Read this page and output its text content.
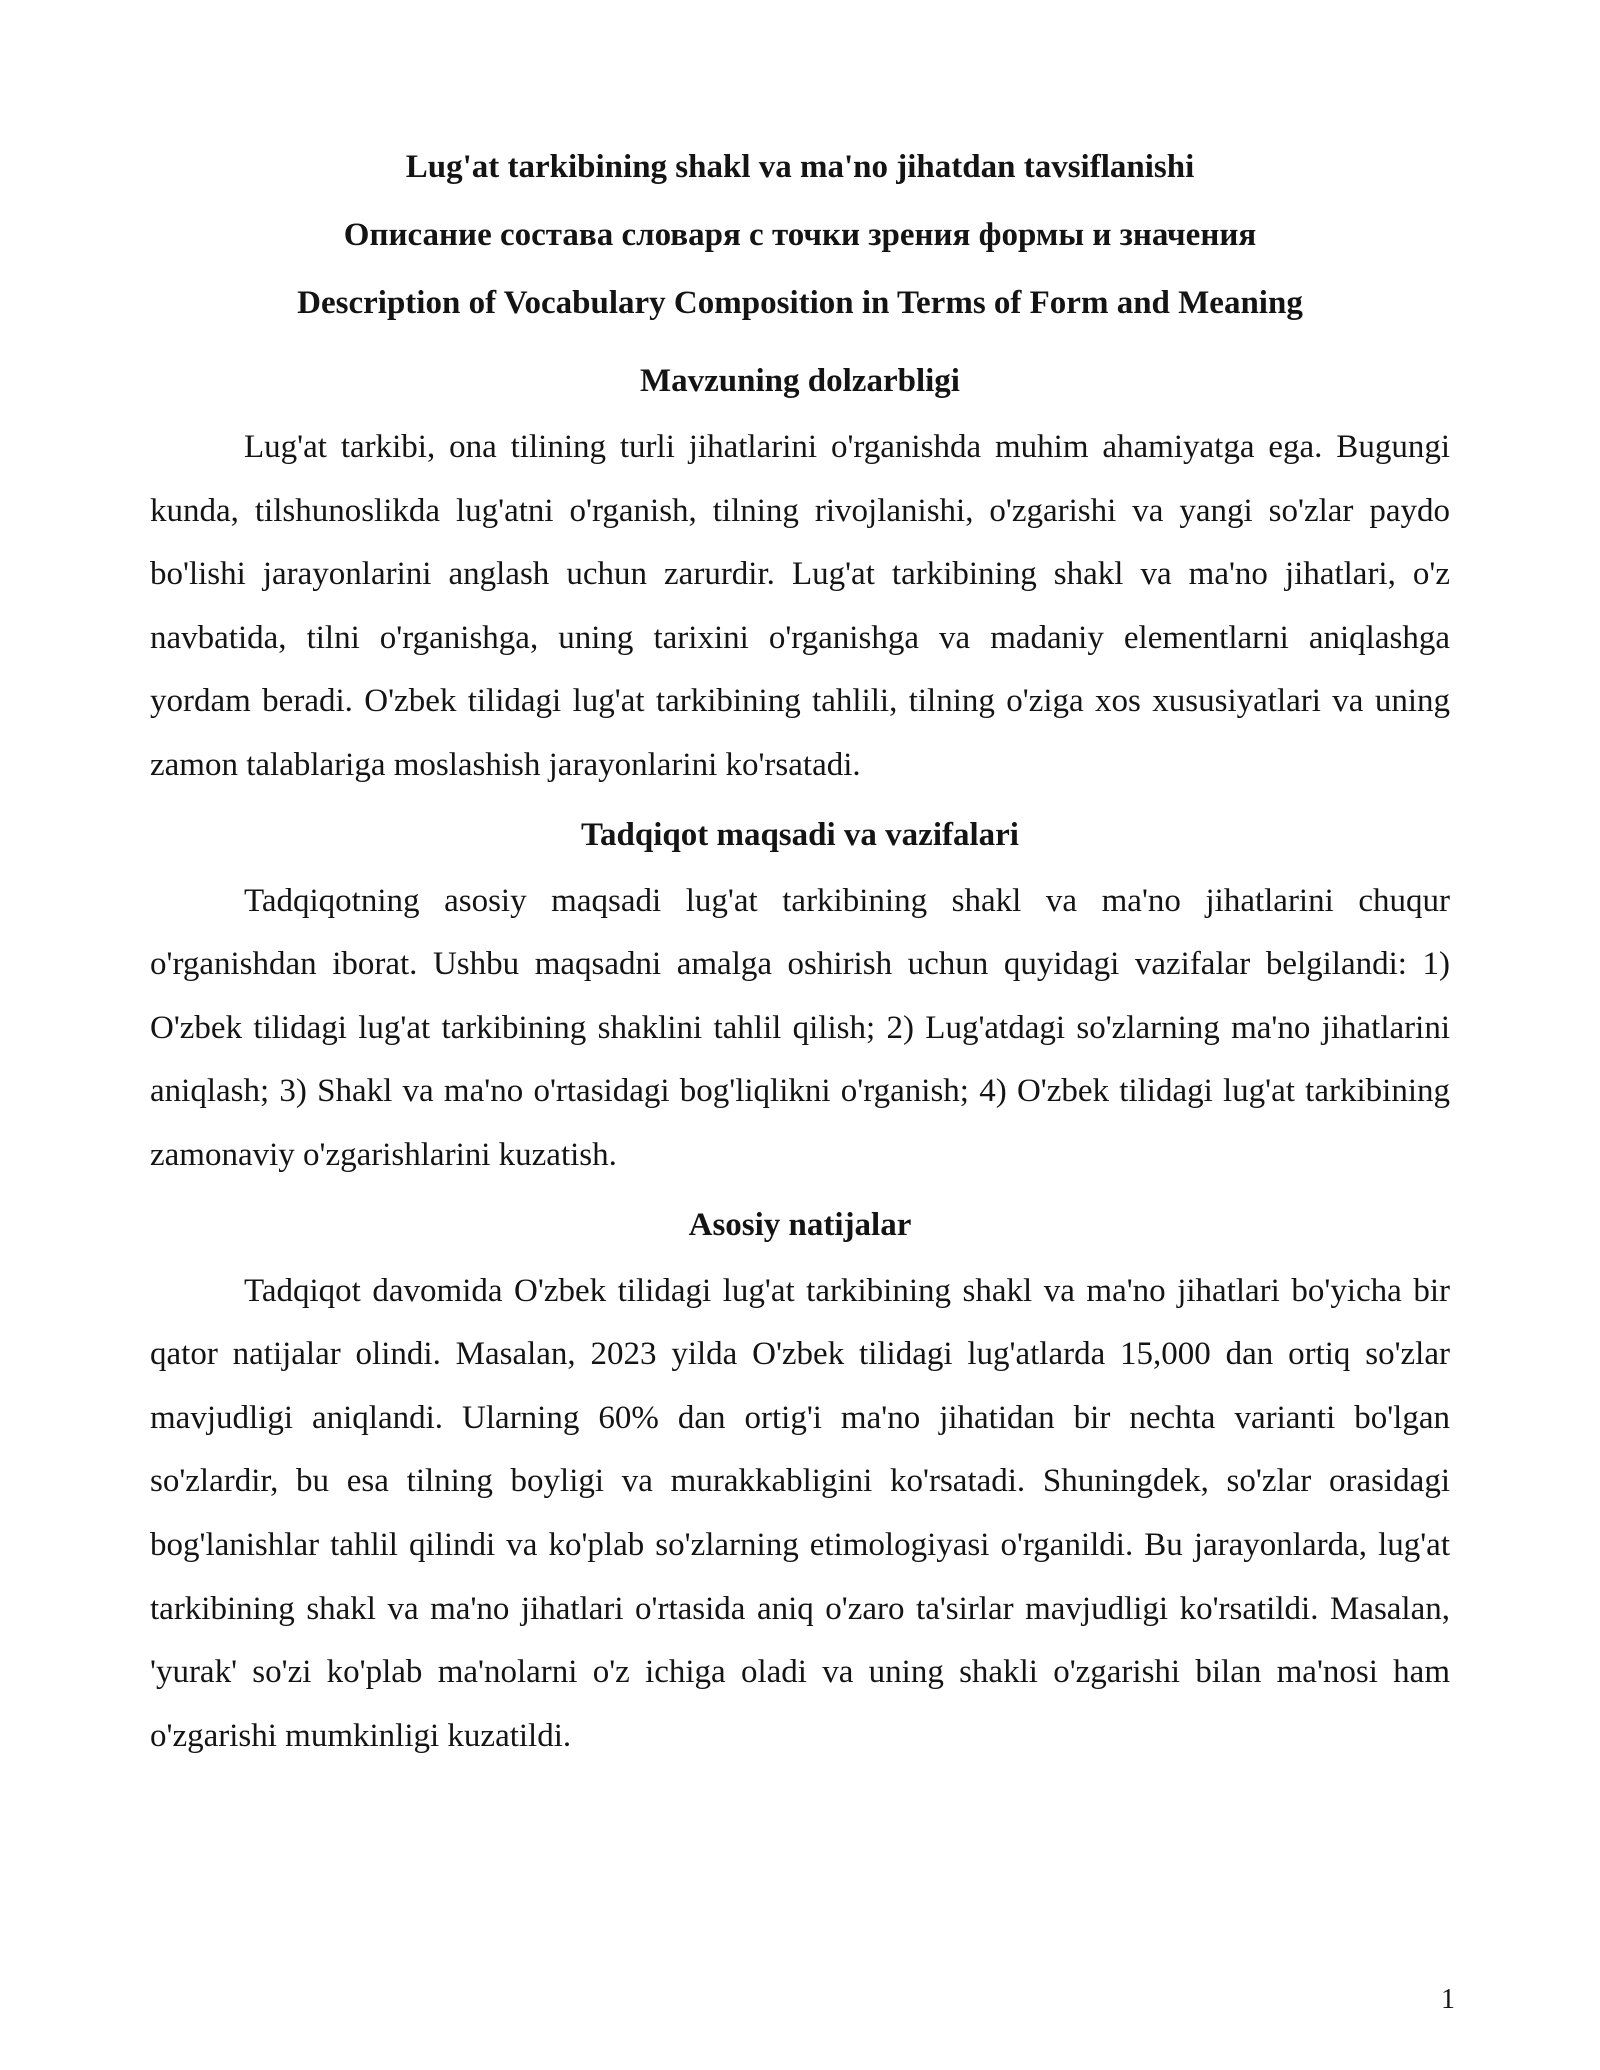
Lug'at tarkibining shakl va ma'no jihatdan tavsiflanishi
Описание состава словаря с точки зрения формы и значения
Description of Vocabulary Composition in Terms of Form and Meaning
Mavzuning dolzarbligi

Lug'at tarkibi, ona tilining turli jihatlarini o'rganishda muhim ahamiyatga ega. Bugungi kunda, tilshunoslikda lug'atni o'rganish, tilning rivojlanishi, o'zgarishi va yangi so'zlar paydo bo'lishi jarayonlarini anglash uchun zarurdir. Lug'at tarkibining shakl va ma'no jihatlari, o'z navbatida, tilni o'rganishga, uning tarixini o'rganishga va madaniy elementlarni aniqlashga yordam beradi. O'zbek tilidagi lug'at tarkibining tahlili, tilning o'ziga xos xususiyatlari va uning zamon talablariga moslashish jarayonlarini ko'rsatadi.

Tadqiqot maqsadi va vazifalari

Tadqiqotning asosiy maqsadi lug'at tarkibining shakl va ma'no jihatlarini chuqur o'rganishdan iborat. Ushbu maqsadni amalga oshirish uchun quyidagi vazifalar belgilandi: 1) O'zbek tilidagi lug'at tarkibining shaklini tahlil qilish; 2) Lug'atdagi so'zlarning ma'no jihatlarini aniqlash; 3) Shakl va ma'no o'rtasidagi bog'liqlikni o'rganish; 4) O'zbek tilidagi lug'at tarkibining zamonaviy o'zgarishlarini kuzatish.

Asosiy natijalar

Tadqiqot davomida O'zbek tilidagi lug'at tarkibining shakl va ma'no jihatlari bo'yicha bir qator natijalar olindi. Masalan, 2023 yilda O'zbek tilidagi lug'atlarda 15,000 dan ortiq so'zlar mavjudligi aniqlandi. Ularning 60% dan ortig'i ma'no jihatidan bir nechta varianti bo'lgan so'zlardir, bu esa tilning boyligi va murakkabligini ko'rsatadi. Shuningdek, so'zlar orasidagi bog'lanishlar tahlil qilindi va ko'plab so'zlarning etimologiyasi o'rganildi. Bu jarayonlarda, lug'at tarkibining shakl va ma'no jihatlari o'rtasida aniq o'zaro ta'sirlar mavjudligi ko'rsatildi. Masalan, 'yurak' so'zi ko'plab ma'nolarni o'z ichiga oladi va uning shakli o'zgarishi bilan ma'nosi ham o'zgarishi mumkinligi kuzatildi.

1
